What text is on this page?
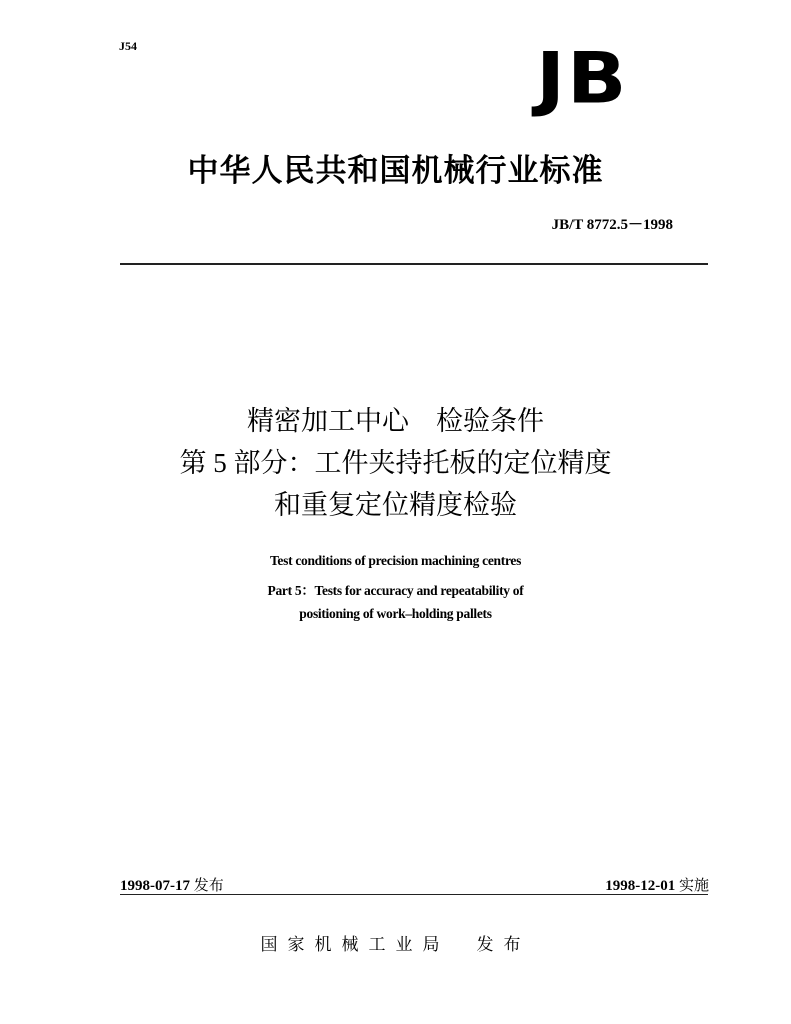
J54	JB
中华人民共和国机械行业标准
JB/T 8772.5－1998
精密加工中心　检验条件
第 5 部分：工件夹持托板的定位精度
和重复定位精度检验
Test conditions of precision machining centres
Part 5：Tests for accuracy and repeatability of
positioning of work–holding pallets
1998-07-17 发布	1998-12-01 实施
国家机械工业局　发布
